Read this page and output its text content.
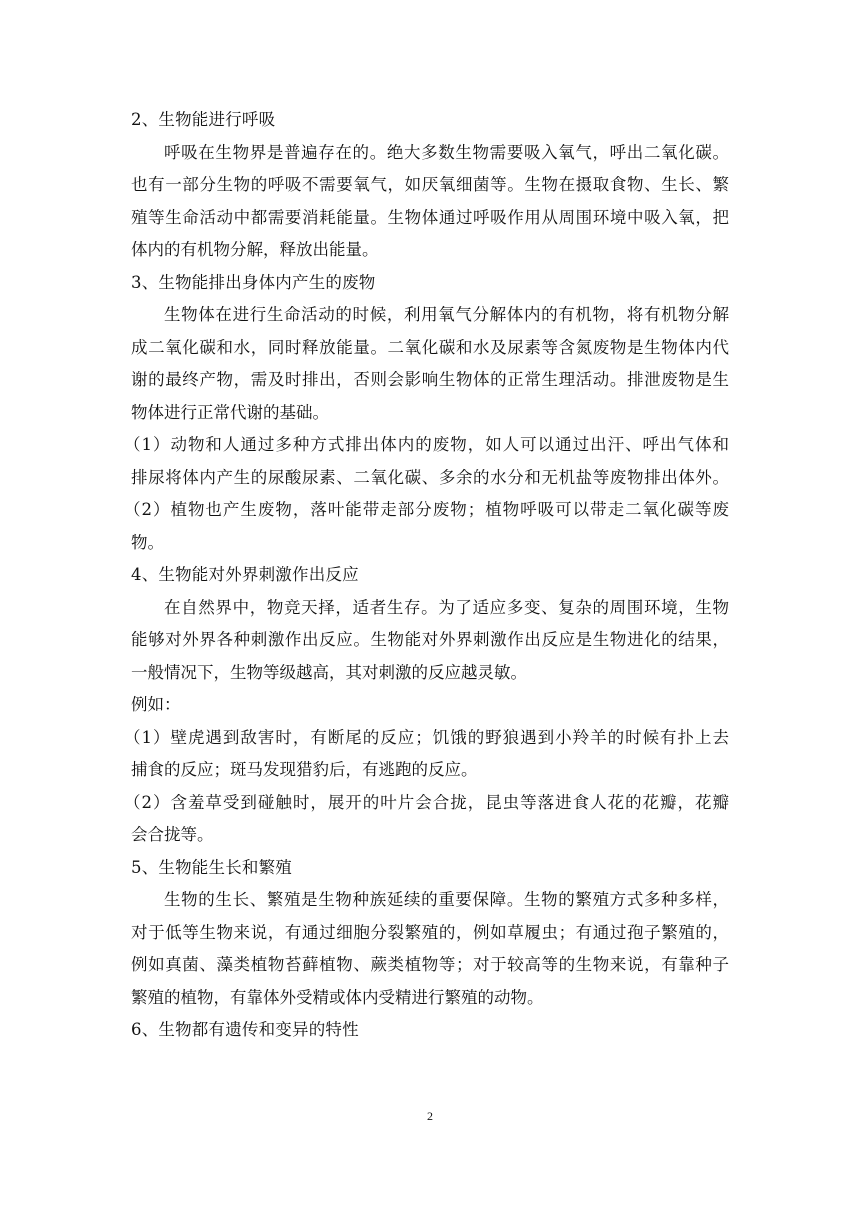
2、生物能进行呼吸
呼吸在生物界是普遍存在的。绝大多数生物需要吸入氧气，呼出二氧化碳。
也有一部分生物的呼吸不需要氧气，如厌氧细菌等。生物在摄取食物、生长、繁
殖等生命活动中都需要消耗能量。生物体通过呼吸作用从周围环境中吸入氧，把
体内的有机物分解，释放出能量。
3、生物能排出身体内产生的废物
生物体在进行生命活动的时候，利用氧气分解体内的有机物，将有机物分解
成二氧化碳和水，同时释放能量。二氧化碳和水及尿素等含氮废物是生物体内代
谢的最终产物，需及时排出，否则会影响生物体的正常生理活动。排泄废物是生
物体进行正常代谢的基础。
（1）动物和人通过多种方式排出体内的废物，如人可以通过出汗、呼出气体和
排尿将体内产生的尿酸尿素、二氧化碳、多余的水分和无机盐等废物排出体外。
（2）植物也产生废物，落叶能带走部分废物；植物呼吸可以带走二氧化碳等废
物。
4、生物能对外界刺激作出反应
在自然界中，物竞天择，适者生存。为了适应多变、复杂的周围环境，生物
能够对外界各种刺激作出反应。生物能对外界刺激作出反应是生物进化的结果，
一般情况下，生物等级越高，其对刺激的反应越灵敏。
例如：
（1）壁虎遇到敌害时，有断尾的反应；饥饿的野狼遇到小羚羊的时候有扑上去
捕食的反应；斑马发现猎豹后，有逃跑的反应。
（2）含羞草受到碰触时，展开的叶片会合拢，昆虫等落进食人花的花瓣，花瓣
会合拢等。
5、生物能生长和繁殖
生物的生长、繁殖是生物种族延续的重要保障。生物的繁殖方式多种多样，
对于低等生物来说，有通过细胞分裂繁殖的，例如草履虫；有通过孢子繁殖的，
例如真菌、藻类植物苔藓植物、蕨类植物等；对于较高等的生物来说，有靠种子
繁殖的植物，有靠体外受精或体内受精进行繁殖的动物。
6、生物都有遗传和变异的特性
2
